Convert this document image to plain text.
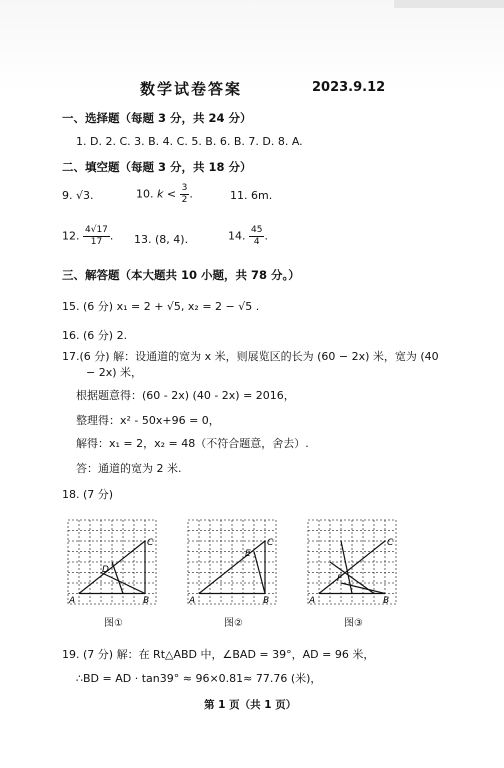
数学试卷答案	2023.9.12
一、选择题（每题 3 分，共 24 分）
1. D. 2. C. 3. B. 4. C. 5. B. 6. B. 7. D. 8. A.
二、填空题（每题 3 分，共 18 分）
9. √3.	10. $k < \frac{3}{2}$ .	11. 6m.
12. $\frac{4√17}{17}$ . 13. (8, 4).	14. $\frac{45}{4}$ .
三、解答题（本大题共 10 小题，共 78 分。）
15. (6 分) x₁ = 2 + √5, x₂ = 2 − √5 .
16. (6 分) 2.
17.(6 分) 解：设通道的宽为 x 米，则展览区的长为 (60 − 2x) 米，宽为 (40
− 2x) 米，
根据题意得：(60 - 2x) (40 - 2x) = 2016，
整理得：x² - 50x+96 = 0，
解得：x₁ = 2，x₂ = 48（不符合题意，舍去）.
答：通道的宽为 2 米.
18. (7 分)
A	B
C
D
图①
A	B
C
E
图②
A	B
C
F
图③
19. (7 分) 解：在 Rt△ABD 中，∠BAD = 39°，AD = 96 米，
∴BD = AD · tan39° ≈ 96×0.81≈ 77.76 (米)，
第 1 页（共 1 页）
